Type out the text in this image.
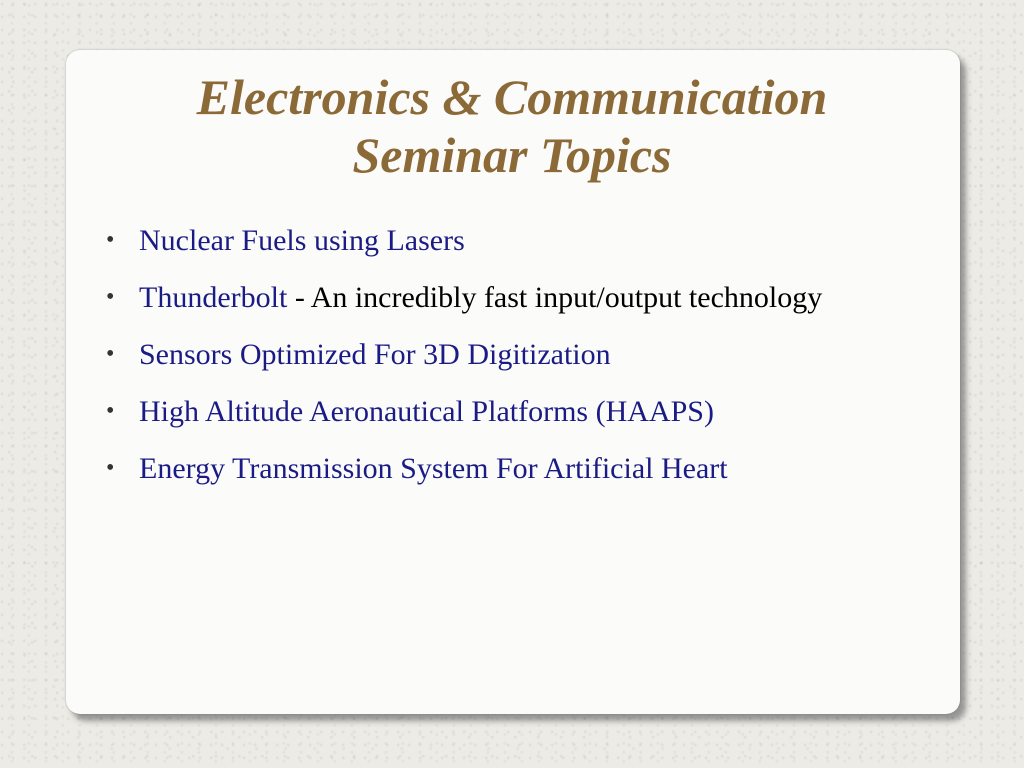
Electronics & Communication
Seminar Topics
• Nuclear Fuels using Lasers
• Thunderbolt - An incredibly fast input/output technology
• Sensors Optimized For 3D Digitization
• High Altitude Aeronautical Platforms (HAAPS)
• Energy Transmission System For Artificial Heart
